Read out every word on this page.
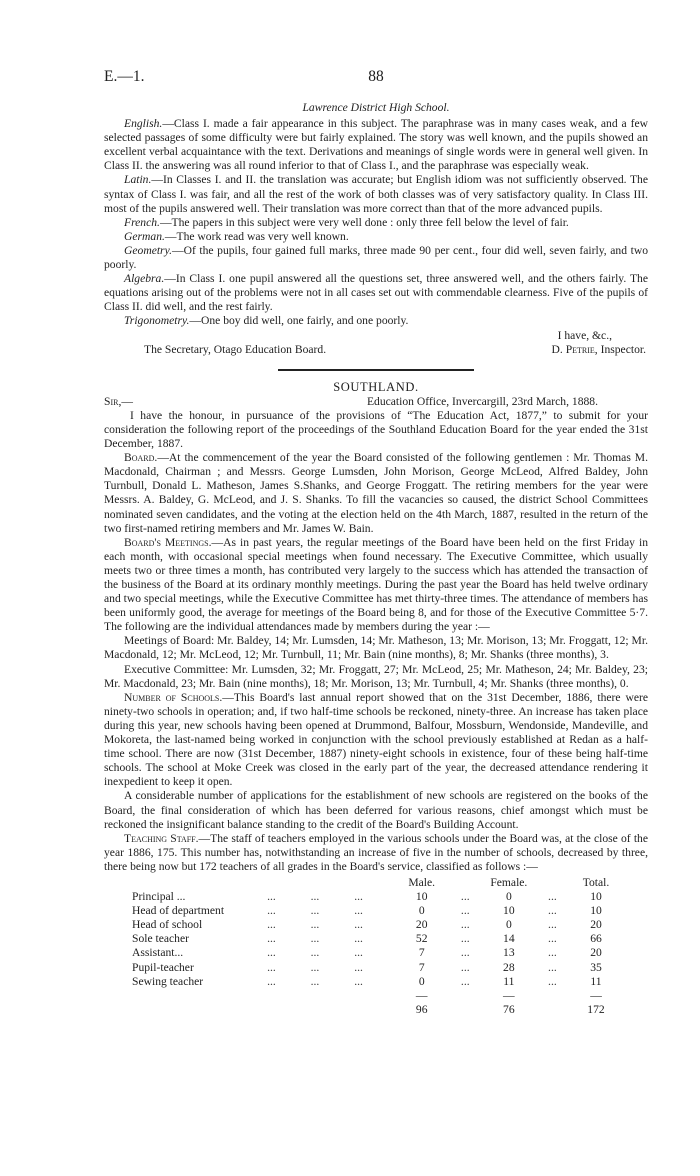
E.—1.	88

Lawrence District High School.

English.—Class I. made a fair appearance in this subject. The paraphrase was in many cases weak, and a few selected passages of some difficulty were but fairly explained. The story was well known, and the pupils showed an excellent verbal acquaintance with the text. Derivations and meanings of single words were in general well given. In Class II. the answering was all round inferior to that of Class I., and the paraphrase was especially weak.

Latin.—In Classes I. and II. the translation was accurate; but English idiom was not sufficiently observed. The syntax of Class I. was fair, and all the rest of the work of both classes was of very satisfactory quality. In Class III. most of the pupils answered well. Their translation was more correct than that of the more advanced pupils.

French.—The papers in this subject were very well done : only three fell below the level of fair.

German.—The work read was very well known.

Geometry.—Of the pupils, four gained full marks, three made 90 per cent., four did well, seven fairly, and two poorly.

Algebra.—In Class I. one pupil answered all the questions set, three answered well, and the others fairly. The equations arising out of the problems were not in all cases set out with commendable clearness. Five of the pupils of Class II. did well, and the rest fairly.

Trigonometry.—One boy did well, one fairly, and one poorly.

I have, &c.,

The Secretary, Otago Education Board.	D. Petrie, Inspector.
SOUTHLAND.
Sir,—	Education Office, Invercargill, 23rd March, 1888.

I have the honour, in pursuance of the provisions of “The Education Act, 1877,” to submit for your consideration the following report of the proceedings of the Southland Education Board for the year ended the 31st December, 1887.

Board.—At the commencement of the year the Board consisted of the following gentlemen : Mr. Thomas M. Macdonald, Chairman ; and Messrs. George Lumsden, John Morison, George McLeod, Alfred Baldey, John Turnbull, Donald L. Matheson, James S.Shanks, and George Froggatt. The retiring members for the year were Messrs. A. Baldey, G. McLeod, and J. S. Shanks. To fill the vacancies so caused, the district School Committees nominated seven candidates, and the voting at the election held on the 4th March, 1887, resulted in the return of the two first-named retiring members and Mr. James W. Bain.

Board's Meetings.—As in past years, the regular meetings of the Board have been held on the first Friday in each month, with occasional special meetings when found necessary. The Executive Committee, which usually meets two or three times a month, has contributed very largely to the success which has attended the transaction of the business of the Board at its ordinary monthly meetings. During the past year the Board has held twelve ordinary and two special meetings, while the Executive Committee has met thirty-three times. The attendance of members has been uniformly good, the average for meetings of the Board being 8, and for those of the Executive Committee 5·7. The following are the individual attendances made by members during the year :—

Meetings of Board: Mr. Baldey, 14; Mr. Lumsden, 14; Mr. Matheson, 13; Mr. Morison, 13; Mr. Froggatt, 12; Mr. Macdonald, 12; Mr. McLeod, 12; Mr. Turnbull, 11; Mr. Bain (nine months), 8; Mr. Shanks (three months), 3.

Executive Committee: Mr. Lumsden, 32; Mr. Froggatt, 27; Mr. McLeod, 25; Mr. Matheson, 24; Mr. Baldey, 23; Mr. Macdonald, 23; Mr. Bain (nine months), 18; Mr. Morison, 13; Mr. Turnbull, 4; Mr. Shanks (three months), 0.

Number of Schools.—This Board's last annual report showed that on the 31st December, 1886, there were ninety-two schools in operation; and, if two half-time schools be reckoned, ninety-three. An increase has taken place during this year, new schools having been opened at Drummond, Balfour, Mossburn, Wendonside, Mandeville, and Mokoreta, the last-named being worked in conjunction with the school previously established at Redan as a half-time school. There are now (31st December, 1887) ninety-eight schools in existence, four of these being half-time schools. The school at Moke Creek was closed in the early part of the year, the decreased attendance rendering it inexpedient to keep it open.

A considerable number of applications for the establishment of new schools are registered on the books of the Board, the final consideration of which has been deferred for various reasons, chief amongst which must be reckoned the insignificant balance standing to the credit of the Board's Building Account.

Teaching Staff.—The staff of teachers employed in the various schools under the Board was, at the close of the year 1886, 175. This number has, notwithstanding an increase of five in the number of schools, decreased by three, there being now but 172 teachers of all grades in the Board's service, classified as follows :—

				Male.		Female.		Total.
Principal ...	...	...	...	10	...	0	...	10
Head of department	...	...	...	0	...	10	...	10
Head of school	...	...	...	20	...	0	...	20
Sole teacher	...	...	...	52	...	14	...	66
Assistant...	...	...	...	7	...	13	...	20
Pupil-teacher	...	...	...	7	...	28	...	35
Sewing teacher	...	...	...	0	...	11	...	11
				—		—		—
				96		76		172
